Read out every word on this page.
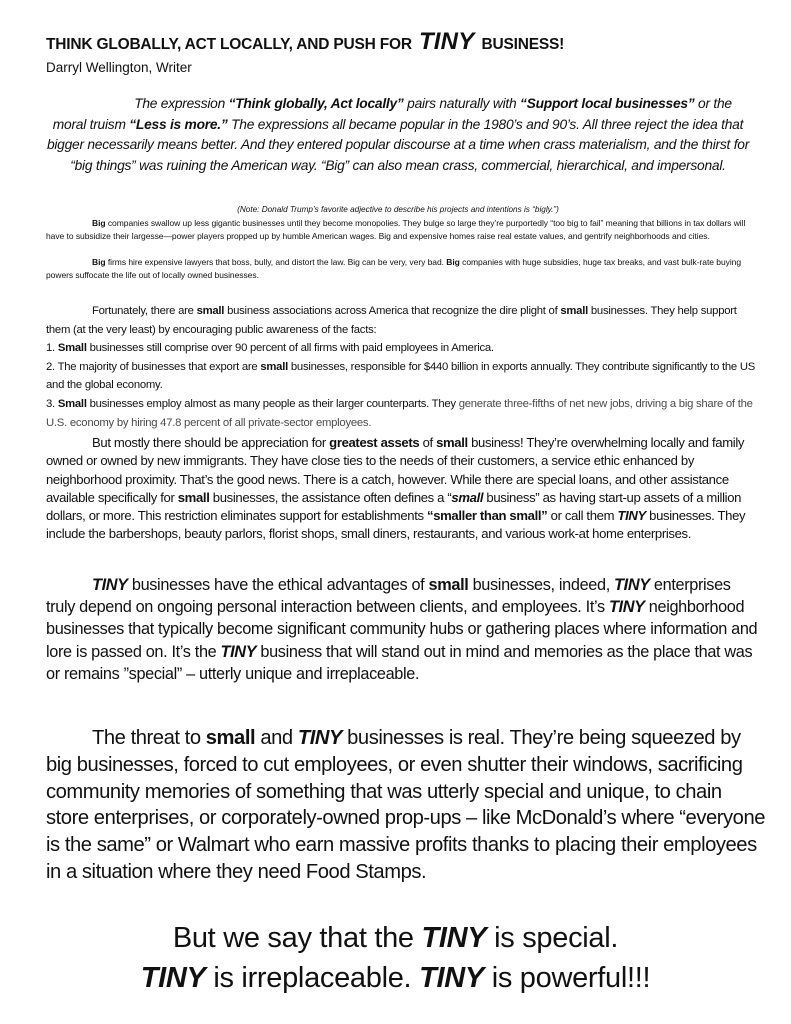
THINK GLOBALLY, ACT LOCALLY, AND PUSH FOR TINY BUSINESS!

Darryl Wellington, Writer

The expression “Think globally, Act locally” pairs naturally with “Support local businesses” or the moral truism “Less is more.” The expressions all became popular in the 1980’s and 90’s. All three reject the idea that bigger necessarily means better. And they entered popular discourse at a time when crass materialism, and the thirst for “big things” was ruining the American way. “Big” can also mean crass, commercial, hierarchical, and impersonal.

(Note: Donald Trump’s favorite adjective to describe his projects and intentions is “bigly.”)

Big companies swallow up less gigantic businesses until they become monopolies. They bulge so large they’re purportedly “too big to fail” meaning that billions in tax dollars will have to subsidize their largesse—power players propped up by humble American wages. Big and expensive homes raise real estate values, and gentrify neighborhoods and cities.

Big firms hire expensive lawyers that boss, bully, and distort the law. Big can be very, very bad. Big companies with huge subsidies, huge tax breaks, and vast bulk-rate buying powers suffocate the life out of locally owned businesses.

Fortunately, there are small business associations across America that recognize the dire plight of small businesses. They help support them (at the very least) by encouraging public awareness of the facts:
1. Small businesses still comprise over 90 percent of all firms with paid employees in America.
2. The majority of businesses that export are small businesses, responsible for $440 billion in exports annually. They contribute significantly to the US and the global economy.
3. Small businesses employ almost as many people as their larger counterparts. They generate three-fifths of net new jobs, driving a big share of the U.S. economy by hiring 47.8 percent of all private-sector employees.

But mostly there should be appreciation for greatest assets of small business! They’re overwhelming locally and family owned or owned by new immigrants. They have close ties to the needs of their customers, a service ethic enhanced by neighborhood proximity. That’s the good news. There is a catch, however. While there are special loans, and other assistance available specifically for small businesses, the assistance often defines a “small business” as having start-up assets of a million dollars, or more. This restriction eliminates support for establishments “smaller than small” or call them TINY businesses. They include the barbershops, beauty parlors, florist shops, small diners, restaurants, and various work-at home enterprises.

TINY businesses have the ethical advantages of small businesses, indeed, TINY enterprises truly depend on ongoing personal interaction between clients, and employees. It’s TINY neighborhood businesses that typically become significant community hubs or gathering places where information and lore is passed on. It’s the TINY business that will stand out in mind and memories as the place that was or remains ”special” – utterly unique and irreplaceable.

The threat to small and TINY businesses is real. They’re being squeezed by big businesses, forced to cut employees, or even shutter their windows, sacrificing community memories of something that was utterly special and unique, to chain store enterprises, or corporately-owned prop-ups – like McDonald’s where “everyone is the same” or Walmart who earn massive profits thanks to placing their employees in a situation where they need Food Stamps.

But we say that the TINY is special.
TINY is irreplaceable. TINY is powerful!!!
